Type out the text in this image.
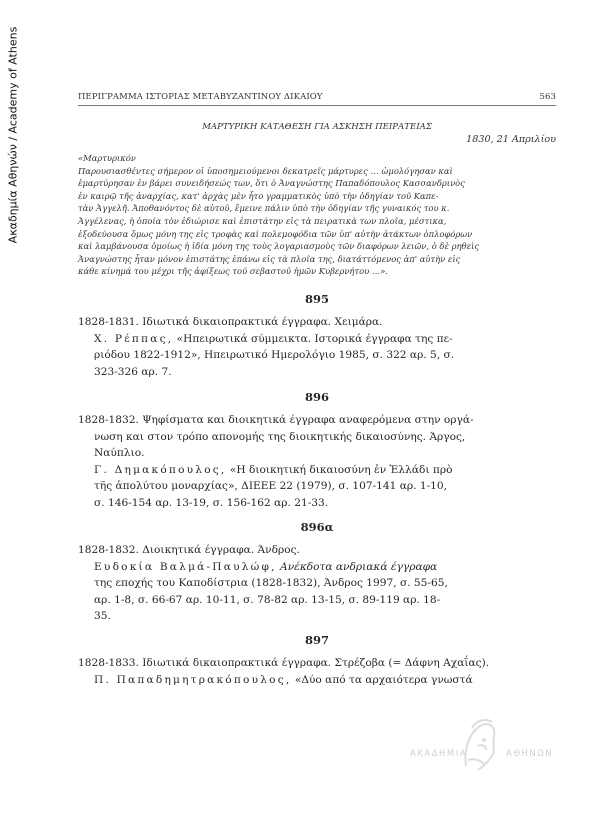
Ακαδημία Αθηνών / Academy of Athens	ΠΕΡΙΓΡΑΜΜΑ ΙΣΤΟΡΙΑΣ ΜΕΤΑΒΥΖΑΝΤΙΝΟΥ ΔΙΚΑΙΟΥ	563
ΜΑΡΤΥΡΙΚΗ ΚΑΤΑΘΕΣΗ ΓΙΑ ΑΣΚΗΣΗ ΠΕΙΡΑΤΕΙΑΣ
1830, 21 Απριλίου
«Μαρτυρικόν
Παρουσιασθέντες σήμερον οἱ ὑποσημειούμενοι δεκατρεῖς μάρτυρες … ὡμολόγησαν καὶ
ἐμαρτύρησαν ἐν βάρει συνειδήσεώς των, ὅτι ὁ Ἀναγνώστης Παπαδόπουλος Κασσανδρινὸς
ἐν καιρῷ τῆς ἀναρχίας, κατ' ἀρχὰς μὲν ἦτο γραμματικὸς ὑπὸ τὴν ὁδηγίαν τοῦ Καπε-
τὰν Ἀγγελῆ. Ἀποθανόντος δὲ αὐτοῦ, ἔμεινε πάλιν ὑπὸ τὴν ὁδηγίαν τῆς γυναικός του κ.
Ἀγγέλενας, ἡ ὁποία τὸν ἐδιώρισε καὶ ἐπιστάτην εἰς τὰ πειρατικὰ των πλοῖα, μέστικα,
ἐξοδεύουσα ὅμως μόνη της εἰς τροφὰς καὶ πολεμοφόδια τῶν ὑπ' αὐτὴν ἀτάκτων ὁπλοφόρων
καὶ λαμβάνουσα ὁμοίως ἡ ἰδία μόνη της τοὺς λογαριασμοὺς τῶν διαφόρων λειῶν, ὁ δὲ ρηθεὶς
Ἀναγνώστης ἦταν μόνον ἐπιστάτης ἐπάνω εἰς τὰ πλοῖα της, διατάττόμενος ἀπ' αὐτὴν εἰς
κάθε κίνημά του μέχρι τῆς ἀφίξεως τοῦ σεβαστοῦ ἡμῶν Κυβερνήτου …».
895
1828-1831. Ιδιωτικά δικαιοπρακτικά έγγραφα. Χειμάρα.
Χ. Ρέππας, «Ηπειρωτικά σύμμεικτα. Ιστορικά έγγραφα της πε-
ριόδου 1822-1912», Ηπειρωτικό Ημερολόγιο 1985, σ. 322 αρ. 5, σ.
323-326 αρ. 7.
896
1828-1832. Ψηφίσματα και διοικητικά έγγραφα αναφερόμενα στην οργά-
νωση και στον τρόπο απονομής της διοικητικής δικαιοσύνης. Άργος,
Ναύπλιο.
Γ. Δημακόπουλος, «Η διοικητική δικαιοσύνη ἐν Ἑλλάδι πρὸ
τῆς ἀπολύτου μοναρχίας», ΔΙΕΕΕ 22 (1979), σ. 107-141 αρ. 1-10,
σ. 146-154 αρ. 13-19, σ. 156-162 αρ. 21-33.
896α
1828-1832. Διοικητικά έγγραφα. Άνδρος.
Ευδοκία Βαλμά-Παυλώφ, Ανέκδοτα ανδριακά έγγραφα
της εποχής του Καποδίστρια (1828-1832), Άνδρος 1997, σ. 55-65,
αρ. 1-8, σ. 66-67 αρ. 10-11, σ. 78-82 αρ. 13-15, σ. 89-119 αρ. 18-
35.
897
1828-1833. Ιδιωτικά δικαιοπρακτικά έγγραφα. Στρέζοβα (= Δάφνη Αχαΐας).
Π. Παπαδημητρακόπουλος, «Δύο από τα αρχαιότερα γνωστά
ΑΚΑΔΗΜΙΑ	ΑΘΗΝΩΝ
